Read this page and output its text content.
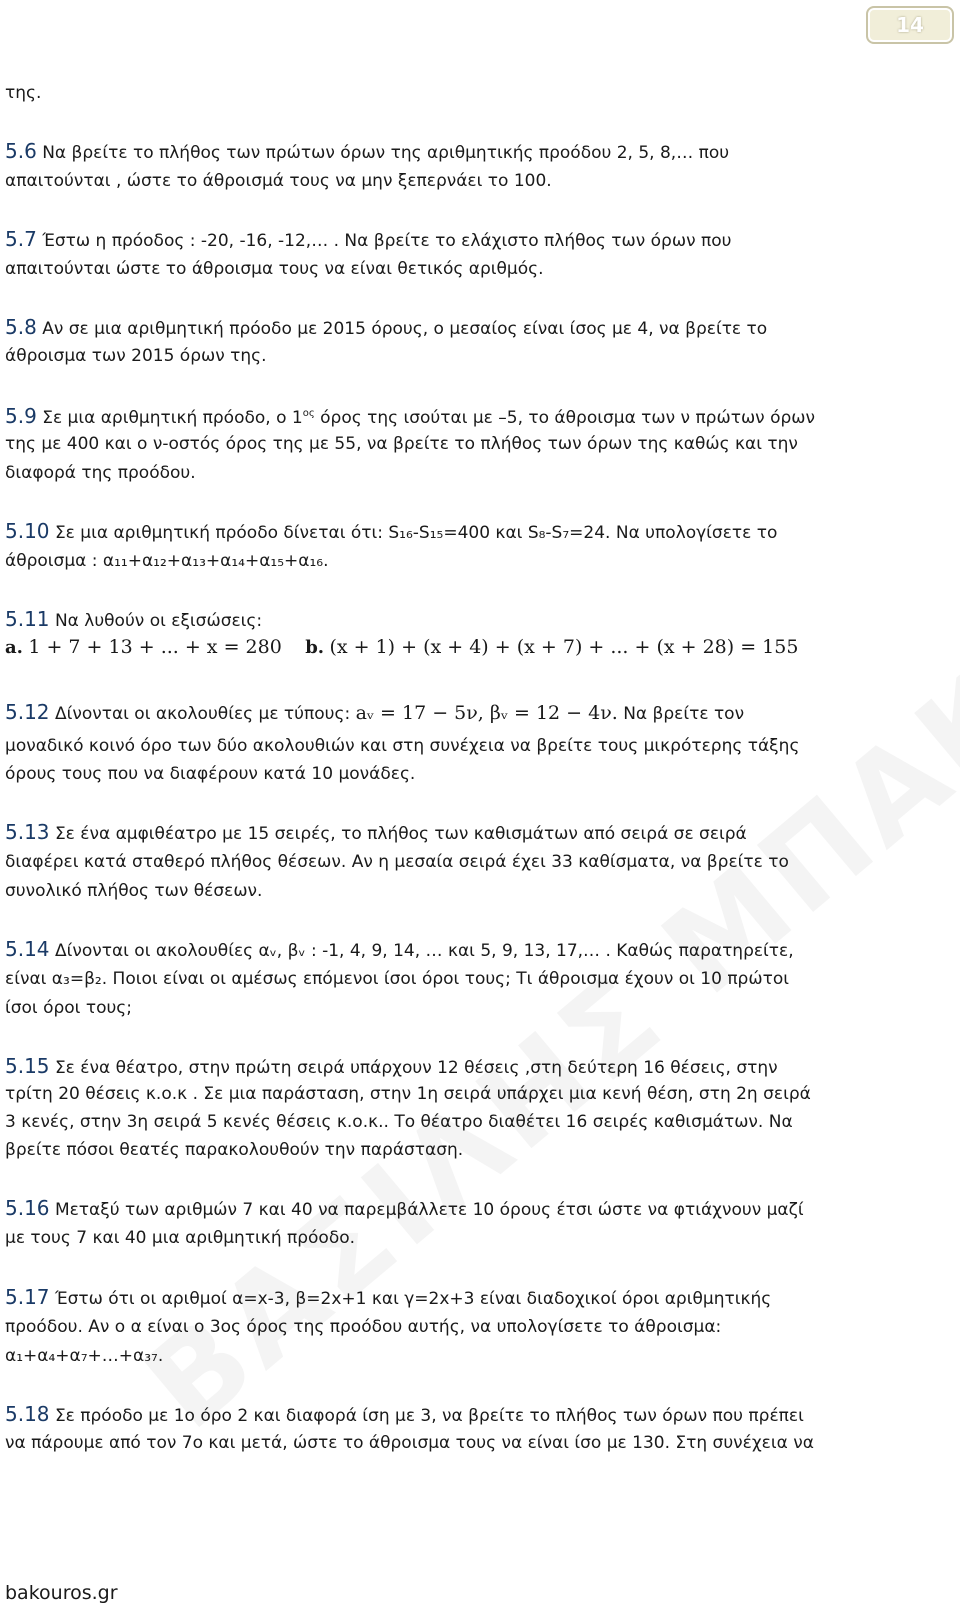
14
της.
5.6 Να βρείτε το πλήθος των πρώτων όρων της αριθμητικής προόδου 2, 5, 8,… που
απαιτούνται , ώστε το άθροισμά τους να μην ξεπερνάει το 100.
5.7 Έστω η πρόοδος : -20, -16, -12,… . Να βρείτε το ελάχιστο πλήθος των όρων που
απαιτούνται ώστε το άθροισμα τους να είναι θετικός αριθμός.
5.8 Αν σε μια αριθμητική πρόοδο με 2015 όρους, ο μεσαίος είναι ίσος με 4, να βρείτε το
άθροισμα των 2015 όρων της.
5.9 Σε μια αριθμητική πρόοδο, ο $1^{o\varsigma}$ όρος της ισούται με –5, το άθροισμα των ν πρώτων όρων
της με 400 και ο ν-οστός όρος της με 55, να βρείτε το πλήθος των όρων της καθώς και την
διαφορά της προόδου.
5.10 Σε μια αριθμητική πρόοδο δίνεται ότι: S₁₆-S₁₅=400 και S₈-S₇=24. Να υπολογίσετε το
άθροισμα : α₁₁+α₁₂+α₁₃+α₁₄+α₁₅+α₁₆.
5.11 Να λυθούν οι εξισώσεις:
a. 1 + 7 + 13 + ... + x = 280 b. (x + 1) + (x + 4) + (x + 7) + ... + (x + 28) = 155
5.12 Δίνονται οι ακολουθίες με τύπους: aᵥ = 17 − 5ν, βᵥ = 12 − 4ν. Να βρείτε τον
μοναδικό κοινό όρο των δύο ακολουθιών και στη συνέχεια να βρείτε τους μικρότερης τάξης
όρους τους που να διαφέρουν κατά 10 μονάδες.
5.13 Σε ένα αμφιθέατρο με 15 σειρές, το πλήθος των καθισμάτων από σειρά σε σειρά
διαφέρει κατά σταθερό πλήθος θέσεων. Αν η μεσαία σειρά έχει 33 καθίσματα, να βρείτε το
συνολικό πλήθος των θέσεων.
5.14 Δίνονται οι ακολουθίες αᵥ, βᵥ : -1, 4, 9, 14, … και 5, 9, 13, 17,… . Καθώς παρατηρείτε,
είναι α₃=β₂. Ποιοι είναι οι αμέσως επόμενοι ίσοι όροι τους; Τι άθροισμα έχουν οι 10 πρώτοι
ίσοι όροι τους;
5.15 Σε ένα θέατρο, στην πρώτη σειρά υπάρχουν 12 θέσεις ,στη δεύτερη 16 θέσεις, στην
τρίτη 20 θέσεις κ.ο.κ . Σε μια παράσταση, στην 1η σειρά υπάρχει μια κενή θέση, στη 2η σειρά
3 κενές, στην 3η σειρά 5 κενές θέσεις κ.ο.κ.. Το θέατρο διαθέτει 16 σειρές καθισμάτων. Να
βρείτε πόσοι θεατές παρακολουθούν την παράσταση.
5.16 Μεταξύ των αριθμών 7 και 40 να παρεμβάλλετε 10 όρους έτσι ώστε να φτιάχνουν μαζί
με τους 7 και 40 μια αριθμητική πρόοδο.
5.17 Έστω ότι οι αριθμοί α=x-3, β=2x+1 και γ=2x+3 είναι διαδοχικοί όροι αριθμητικής
προόδου. Αν ο α είναι ο 3ος όρος της προόδου αυτής, να υπολογίσετε το άθροισμα:
α₁+α₄+α₇+…+α₃₇.
5.18 Σε πρόοδο με 1ο όρο 2 και διαφορά ίση με 3, να βρείτε το πλήθος των όρων που πρέπει
να πάρουμε από τον 7ο και μετά, ώστε το άθροισμα τους να είναι ίσο με 130. Στη συνέχεια να
bakouros.gr
